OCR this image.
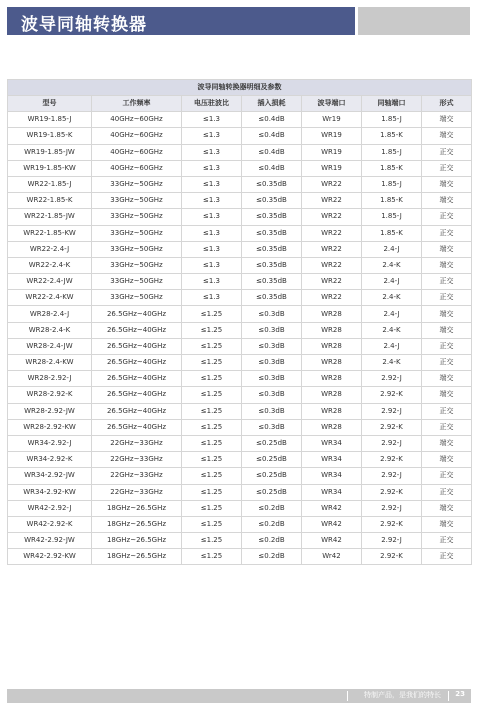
波导同轴转换器
波导同轴转换器明细及参数						
型号	工作频率	电压驻波比	插入损耗	波导端口	同轴端口	形式
WR19-1.85-J	40GHz~60GHz	≤1.3	≤0.4dB	Wr19	1.85-J	端交
WR19-1.85-K	40GHz~60GHz	≤1.3	≤0.4dB	WR19	1.85-K	端交
WR19-1.85-JW	40GHz~60GHz	≤1.3	≤0.4dB	WR19	1.85-J	正交
WR19-1.85-KW	40GHz~60GHz	≤1.3	≤0.4dB	WR19	1.85-K	正交
WR22-1.85-J	33GHz~50GHz	≤1.3	≤0.35dB	WR22	1.85-J	端交
WR22-1.85-K	33GHz~50GHz	≤1.3	≤0.35dB	WR22	1.85-K	端交
WR22-1.85-JW	33GHz~50GHz	≤1.3	≤0.35dB	WR22	1.85-J	正交
WR22-1.85-KW	33GHz~50GHz	≤1.3	≤0.35dB	WR22	1.85-K	正交
WR22-2.4-J	33GHz~50GHz	≤1.3	≤0.35dB	WR22	2.4-J	端交
WR22-2.4-K	33GHz~50GHz	≤1.3	≤0.35dB	WR22	2.4-K	端交
WR22-2.4-JW	33GHz~50GHz	≤1.3	≤0.35dB	WR22	2.4-J	正交
WR22-2.4-KW	33GHz~50GHz	≤1.3	≤0.35dB	WR22	2.4-K	正交
WR28-2.4-J	26.5GHz~40GHz	≤1.25	≤0.3dB	WR28	2.4-J	端交
WR28-2.4-K	26.5GHz~40GHz	≤1.25	≤0.3dB	WR28	2.4-K	端交
WR28-2.4-JW	26.5GHz~40GHz	≤1.25	≤0.3dB	WR28	2.4-J	正交
WR28-2.4-KW	26.5GHz~40GHz	≤1.25	≤0.3dB	WR28	2.4-K	正交
WR28-2.92-J	26.5GHz~40GHz	≤1.25	≤0.3dB	WR28	2.92-J	端交
WR28-2.92-K	26.5GHz~40GHz	≤1.25	≤0.3dB	WR28	2.92-K	端交
WR28-2.92-JW	26.5GHz~40GHz	≤1.25	≤0.3dB	WR28	2.92-J	正交
WR28-2.92-KW	26.5GHz~40GHz	≤1.25	≤0.3dB	WR28	2.92-K	正交
WR34-2.92-J	22GHz~33GHz	≤1.25	≤0.25dB	WR34	2.92-J	端交
WR34-2.92-K	22GHz~33GHz	≤1.25	≤0.25dB	WR34	2.92-K	端交
WR34-2.92-JW	22GHz~33GHz	≤1.25	≤0.25dB	WR34	2.92-J	正交
WR34-2.92-KW	22GHz~33GHz	≤1.25	≤0.25dB	WR34	2.92-K	正交
WR42-2.92-J	18GHz~26.5GHz	≤1.25	≤0.2dB	WR42	2.92-J	端交
WR42-2.92-K	18GHz~26.5GHz	≤1.25	≤0.2dB	WR42	2.92-K	端交
WR42-2.92-JW	18GHz~26.5GHz	≤1.25	≤0.2dB	WR42	2.92-J	正交
WR42-2.92-KW	18GHz~26.5GHz	≤1.25	≤0.2dB	Wr42	2.92-K	正交
特制产品，是我们的特长 23
